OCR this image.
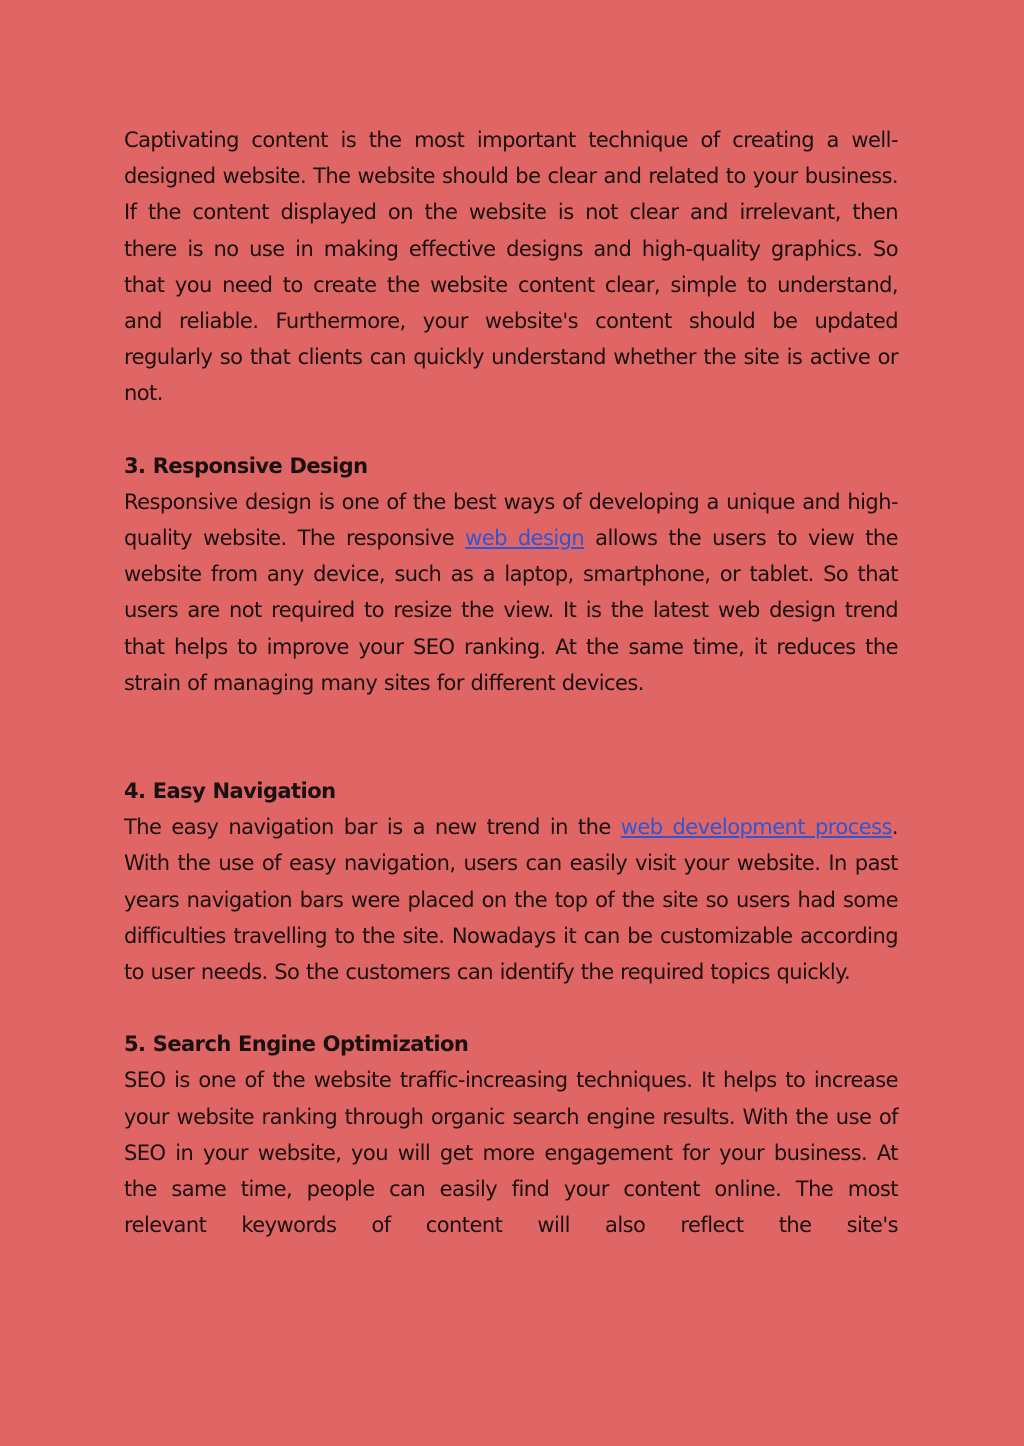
Captivating content is the most important technique of creating a well-designed website. The website should be clear and related to your business. If the content displayed on the website is not clear and irrelevant, then there is no use in making effective designs and high-quality graphics. So that you need to create the website content clear, simple to understand, and reliable. Furthermore, your website's content should be updated regularly so that clients can quickly understand whether the site is active or not.

3. Responsive Design

Responsive design is one of the best ways of developing a unique and high-quality website. The responsive web design allows the users to view the website from any device, such as a laptop, smartphone, or tablet. So that users are not required to resize the view. It is the latest web design trend that helps to improve your SEO ranking. At the same time, it reduces the strain of managing many sites for different devices.

4. Easy Navigation

The easy navigation bar is a new trend in the web development process. With the use of easy navigation, users can easily visit your website. In past years navigation bars were placed on the top of the site so users had some difficulties travelling to the site. Nowadays it can be customizable according to user needs. So the customers can identify the required topics quickly.

5. Search Engine Optimization

SEO is one of the website traffic-increasing techniques. It helps to increase your website ranking through organic search engine results. With the use of SEO in your website, you will get more engagement for your business. At the same time, people can easily find your content online. The most relevant keywords of content will also reflect the site's
